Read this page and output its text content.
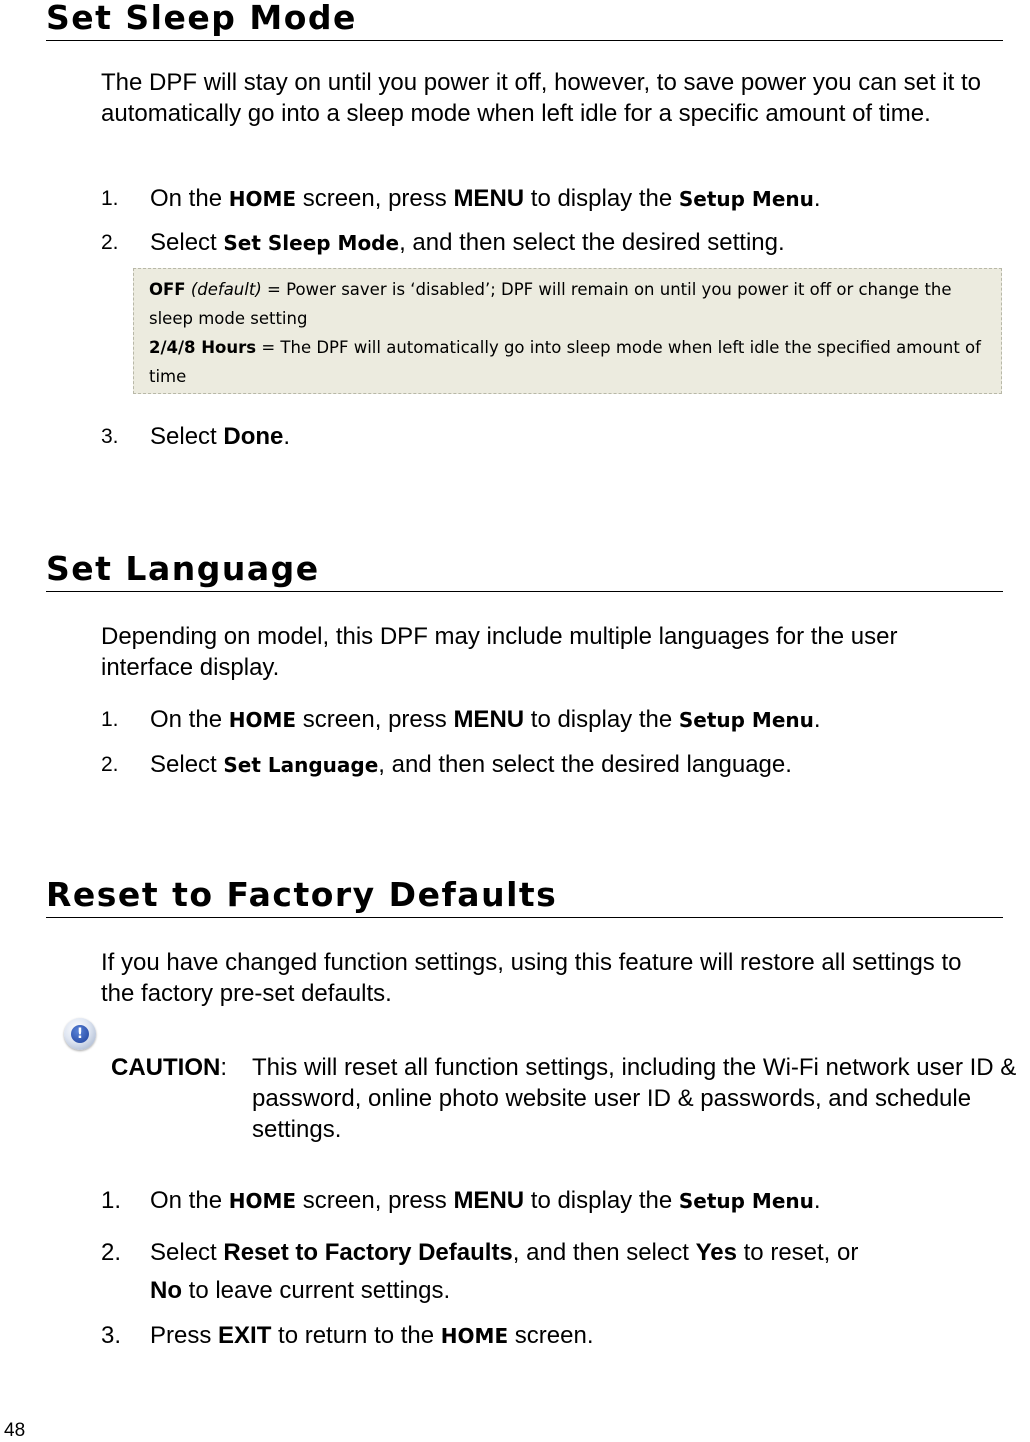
Set Sleep Mode
The DPF will stay on until you power it off, however, to save power you can set it to automatically go into a sleep mode when left idle for a specific amount of time.
1. On the HOME screen, press MENU to display the Setup Menu.
2. Select Set Sleep Mode, and then select the desired setting.
OFF (default) = Power saver is ‘disabled’; DPF will remain on until you power it off or change the sleep mode setting
2/4/8 Hours = The DPF will automatically go into sleep mode when left idle the specified amount of time
3. Select Done.
Set Language
Depending on model, this DPF may include multiple languages for the user interface display.
1. On the HOME screen, press MENU to display the Setup Menu.
2. Select Set Language, and then select the desired language.
Reset to Factory Defaults
If you have changed function settings, using this feature will restore all settings to the factory pre-set defaults.
!
CAUTION: This will reset all function settings, including the Wi-Fi network user ID & password, online photo website user ID & passwords, and schedule settings.
1. On the HOME screen, press MENU to display the Setup Menu.
2. Select Reset to Factory Defaults, and then select Yes to reset, or
No to leave current settings.
3. Press EXIT to return to the HOME screen.
48
